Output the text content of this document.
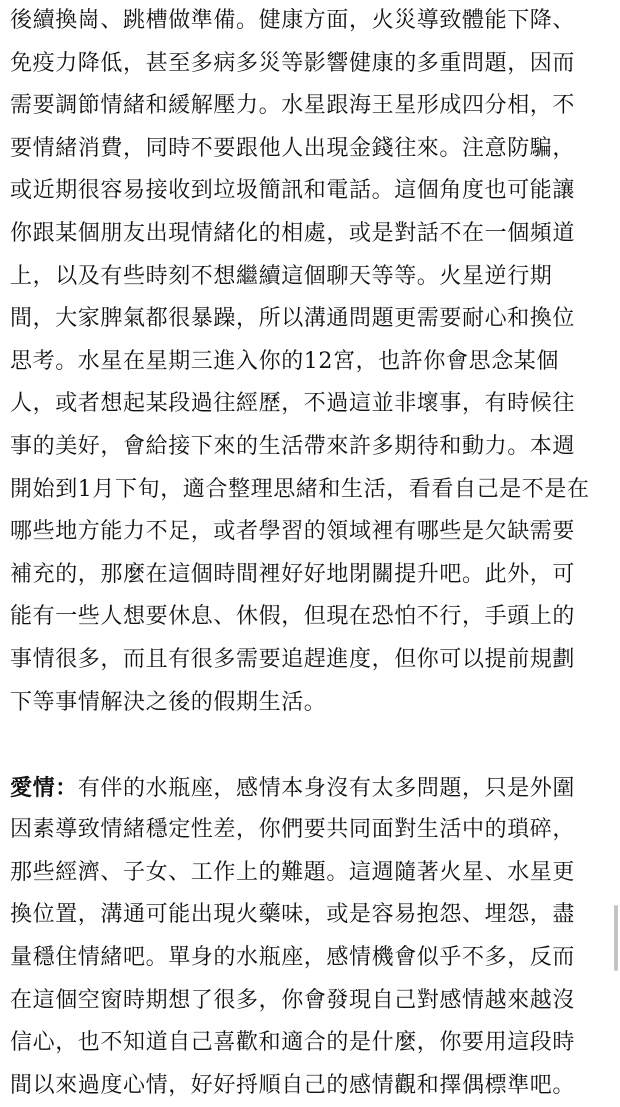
後續換崗、跳槽做準備。健康方面，火災導致體能下降、
免疫力降低，甚至多病多災等影響健康的多重問題，因而
需要調節情緒和緩解壓力。水星跟海王星形成四分相，不
要情緒消費，同時不要跟他人出現金錢往來。注意防騙，
或近期很容易接收到垃圾簡訊和電話。這個角度也可能讓
你跟某個朋友出現情緒化的相處，或是對話不在一個頻道
上，以及有些時刻不想繼續這個聊天等等。火星逆行期
間，大家脾氣都很暴躁，所以溝通問題更需要耐心和換位
思考。水星在星期三進入你的12宮，也許你會思念某個
人，或者想起某段過往經歷，不過這並非壞事，有時候往
事的美好，會給接下來的生活帶來許多期待和動力。本週
開始到1月下旬，適合整理思緒和生活，看看自己是不是在
哪些地方能力不足，或者學習的領域裡有哪些是欠缺需要
補充的，那麼在這個時間裡好好地閉關提升吧。此外，可
能有一些人想要休息、休假，但現在恐怕不行，手頭上的
事情很多，而且有很多需要追趕進度，但你可以提前規劃
下等事情解決之後的假期生活。
愛情：有伴的水瓶座，感情本身沒有太多問題，只是外圍
因素導致情緒穩定性差，你們要共同面對生活中的瑣碎，
那些經濟、子女、工作上的難題。這週隨著火星、水星更
換位置，溝通可能出現火藥味，或是容易抱怨、埋怨，盡
量穩住情緒吧。單身的水瓶座，感情機會似乎不多，反而
在這個空窗時期想了很多，你會發現自己對感情越來越沒
信心，也不知道自己喜歡和適合的是什麼，你要用這段時
間以來過度心情，好好捋順自己的感情觀和擇偶標準吧。
